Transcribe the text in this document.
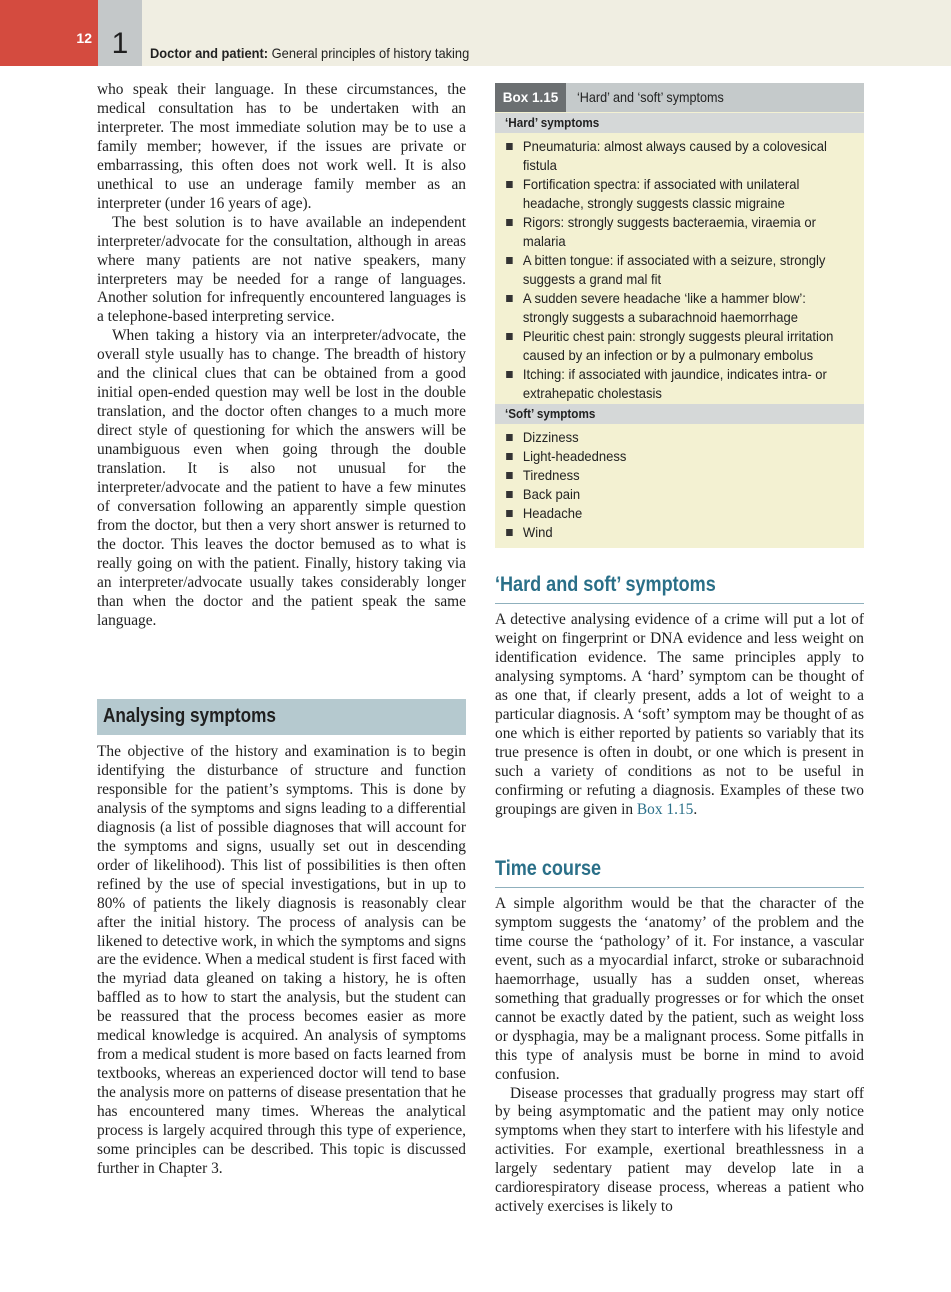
12 1	Doctor and patient: General principles of history taking

who speak their language. In these circumstances, the medical consultation has to be undertaken with an interpreter. The most immediate solution may be to use a family member; however, if the issues are private or embarrassing, this often does not work well. It is also unethical to use an underage family member as an interpreter (under 16 years of age).

The best solution is to have available an independent interpreter/advocate for the consultation, although in areas where many patients are not native speakers, many interpreters may be needed for a range of languages. Another solution for infrequently encountered languages is a telephone-based interpreting service.

When taking a history via an interpreter/advocate, the overall style usually has to change. The breadth of history and the clinical clues that can be obtained from a good initial open-ended question may well be lost in the double translation, and the doctor often changes to a much more direct style of questioning for which the answers will be unambiguous even when going through the double translation. It is also not unusual for the interpreter/advocate and the patient to have a few minutes of conversation following an apparently simple question from the doctor, but then a very short answer is returned to the doctor. This leaves the doctor bemused as to what is really going on with the patient. Finally, history taking via an interpreter/advocate usually takes considerably longer than when the doctor and the patient speak the same language.

Analysing symptoms

The objective of the history and examination is to begin identifying the disturbance of structure and function responsible for the patient’s symptoms. This is done by analysis of the symptoms and signs leading to a differential diagnosis (a list of possible diagnoses that will account for the symptoms and signs, usually set out in descending order of likelihood). This list of possibilities is then often refined by the use of special investigations, but in up to 80% of patients the likely diagnosis is reasonably clear after the initial history. The process of analysis can be likened to detective work, in which the symptoms and signs are the evidence. When a medical student is first faced with the myriad data gleaned on taking a history, he is often baffled as to how to start the analysis, but the student can be reassured that the process becomes easier as more medical knowledge is acquired. An analysis of symptoms from a medical student is more based on facts learned from textbooks, whereas an experienced doctor will tend to base the analysis more on patterns of disease presentation that he has encountered many times. Whereas the analytical process is largely acquired through this type of experience, some principles can be described. This topic is discussed further in Chapter 3.

Box 1.15	‘Hard’ and ‘soft’ symptoms
‘Hard’ symptoms
Pneumaturia: almost always caused by a colovesical fistula
Fortification spectra: if associated with unilateral headache, strongly suggests classic migraine
Rigors: strongly suggests bacteraemia, viraemia or malaria
A bitten tongue: if associated with a seizure, strongly suggests a grand mal fit
A sudden severe headache ‘like a hammer blow’: strongly suggests a subarachnoid haemorrhage
Pleuritic chest pain: strongly suggests pleural irritation caused by an infection or by a pulmonary embolus
Itching: if associated with jaundice, indicates intra- or extrahepatic cholestasis
‘Soft’ symptoms
Dizziness
Light-headedness
Tiredness
Back pain
Headache
Wind
‘Hard and soft’ symptoms

A detective analysing evidence of a crime will put a lot of weight on fingerprint or DNA evidence and less weight on identification evidence. The same principles apply to analysing symptoms. A ‘hard’ symptom can be thought of as one that, if clearly present, adds a lot of weight to a particular diagnosis. A ‘soft’ symptom may be thought of as one which is either reported by patients so variably that its true presence is often in doubt, or one which is present in such a variety of conditions as not to be useful in confirming or refuting a diagnosis. Examples of these two groupings are given in Box 1.15.

Time course

A simple algorithm would be that the character of the symptom suggests the ‘anatomy’ of the problem and the time course the ‘pathology’ of it. For instance, a vascular event, such as a myocardial infarct, stroke or subarachnoid haemorrhage, usually has a sudden onset, whereas something that gradually progresses or for which the onset cannot be exactly dated by the patient, such as weight loss or dysphagia, may be a malignant process. Some pitfalls in this type of analysis must be borne in mind to avoid confusion.

Disease processes that gradually progress may start off by being asymptomatic and the patient may only notice symptoms when they start to interfere with his lifestyle and activities. For example, exertional breathlessness in a largely sedentary patient may develop late in a cardiorespiratory disease process, whereas a patient who actively exercises is likely to
